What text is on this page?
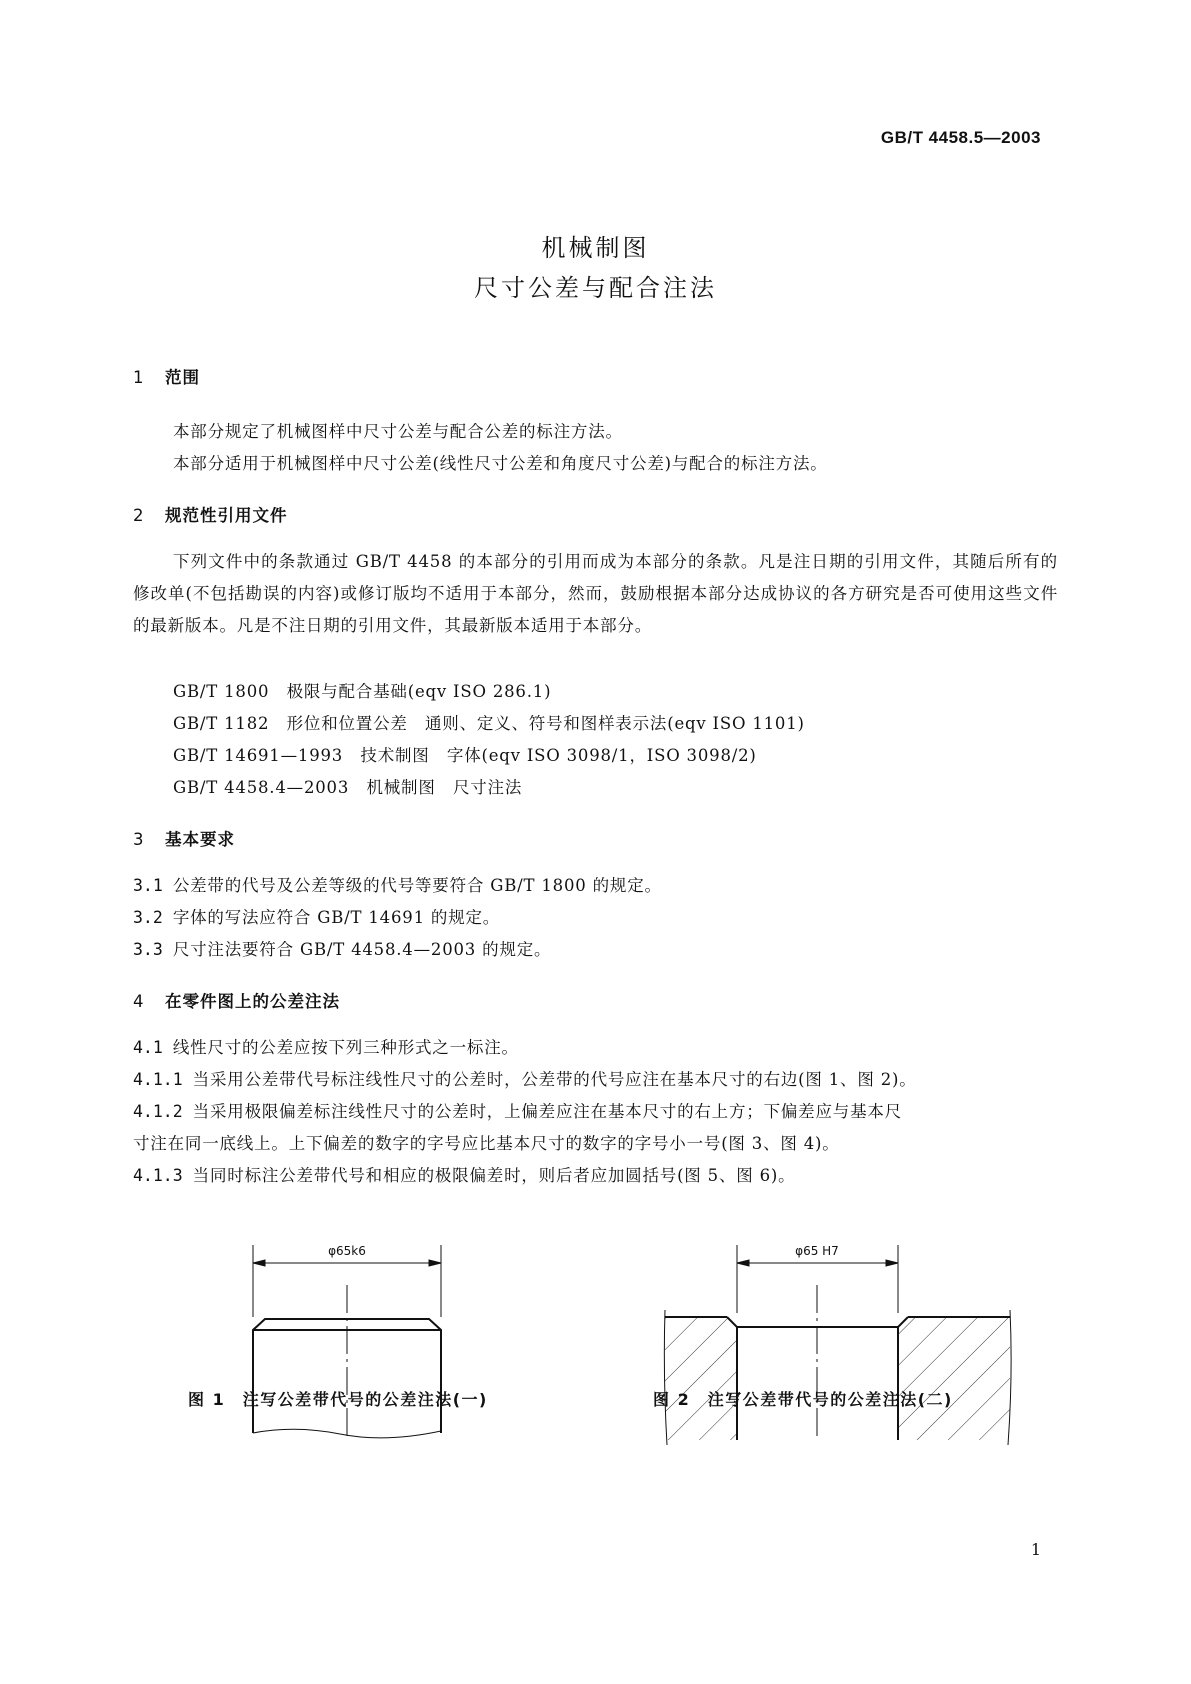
GB/T 4458.5—2003
机械制图
尺寸公差与配合注法
1 范围
本部分规定了机械图样中尺寸公差与配合公差的标注方法。
本部分适用于机械图样中尺寸公差(线性尺寸公差和角度尺寸公差)与配合的标注方法。
2 规范性引用文件
下列文件中的条款通过 GB/T 4458 的本部分的引用而成为本部分的条款。凡是注日期的引用文件，其随后所有的修改单(不包括勘误的内容)或修订版均不适用于本部分，然而，鼓励根据本部分达成协议的各方研究是否可使用这些文件的最新版本。凡是不注日期的引用文件，其最新版本适用于本部分。
GB/T 1800　极限与配合基础(eqv ISO 286.1)
GB/T 1182　形位和位置公差　通则、定义、符号和图样表示法(eqv ISO 1101)
GB/T 14691—1993　技术制图　字体(eqv ISO 3098/1，ISO 3098/2)
GB/T 4458.4—2003　机械制图　尺寸注法
3 基本要求
3.1 公差带的代号及公差等级的代号等要符合 GB/T 1800 的规定。
3.2 字体的写法应符合 GB/T 14691 的规定。
3.3 尺寸注法要符合 GB/T 4458.4—2003 的规定。
4 在零件图上的公差注法
4.1 线性尺寸的公差应按下列三种形式之一标注。
4.1.1 当采用公差带代号标注线性尺寸的公差时，公差带的代号应注在基本尺寸的右边(图 1、图 2)。
4.1.2 当采用极限偏差标注线性尺寸的公差时，上偏差应注在基本尺寸的右上方；下偏差应与基本尺
寸注在同一底线上。上下偏差的数字的字号应比基本尺寸的数字的字号小一号(图 3、图 4)。
4.1.3 当同时标注公差带代号和相应的极限偏差时，则后者应加圆括号(图 5、图 6)。
φ65k6
图 1　注写公差带代号的公差注法(一)
φ65 H7
图 2　注写公差带代号的公差注法(二)
1
